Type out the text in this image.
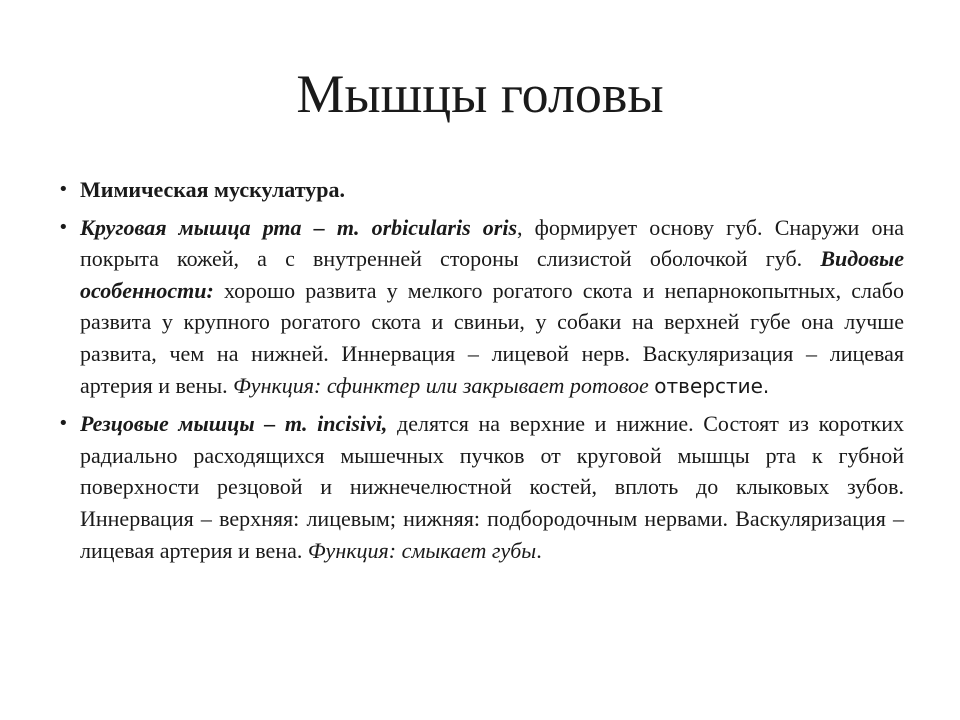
Мышцы головы
• Мимическая мускулатура.
• Круговая мышца рта – m. orbicularis oris, формирует основу губ. Снаружи она покрыта кожей, а с внутренней стороны слизистой оболочкой губ. Видовые особенности: хорошо развита у мелкого рогатого скота и непарнокопытных, слабо развита у крупного рогатого скота и свиньи, у собаки на верхней губе она лучше развита, чем на нижней. Иннервация – лицевой нерв. Васкуляризация – лицевая артерия и вены. Функция: сфинктер или закрывает ротовое отверстие.
• Резцовые мышцы – m. incisivi, делятся на верхние и нижние. Состоят из коротких радиально расходящихся мышечных пучков от круговой мышцы рта к губной поверхности резцовой и нижнечелюстной костей, вплоть до клыковых зубов. Иннервация – верхняя: лицевым; нижняя: подбородочным нервами. Васкуляризация – лицевая артерия и вена. Функция: смыкает губы.
